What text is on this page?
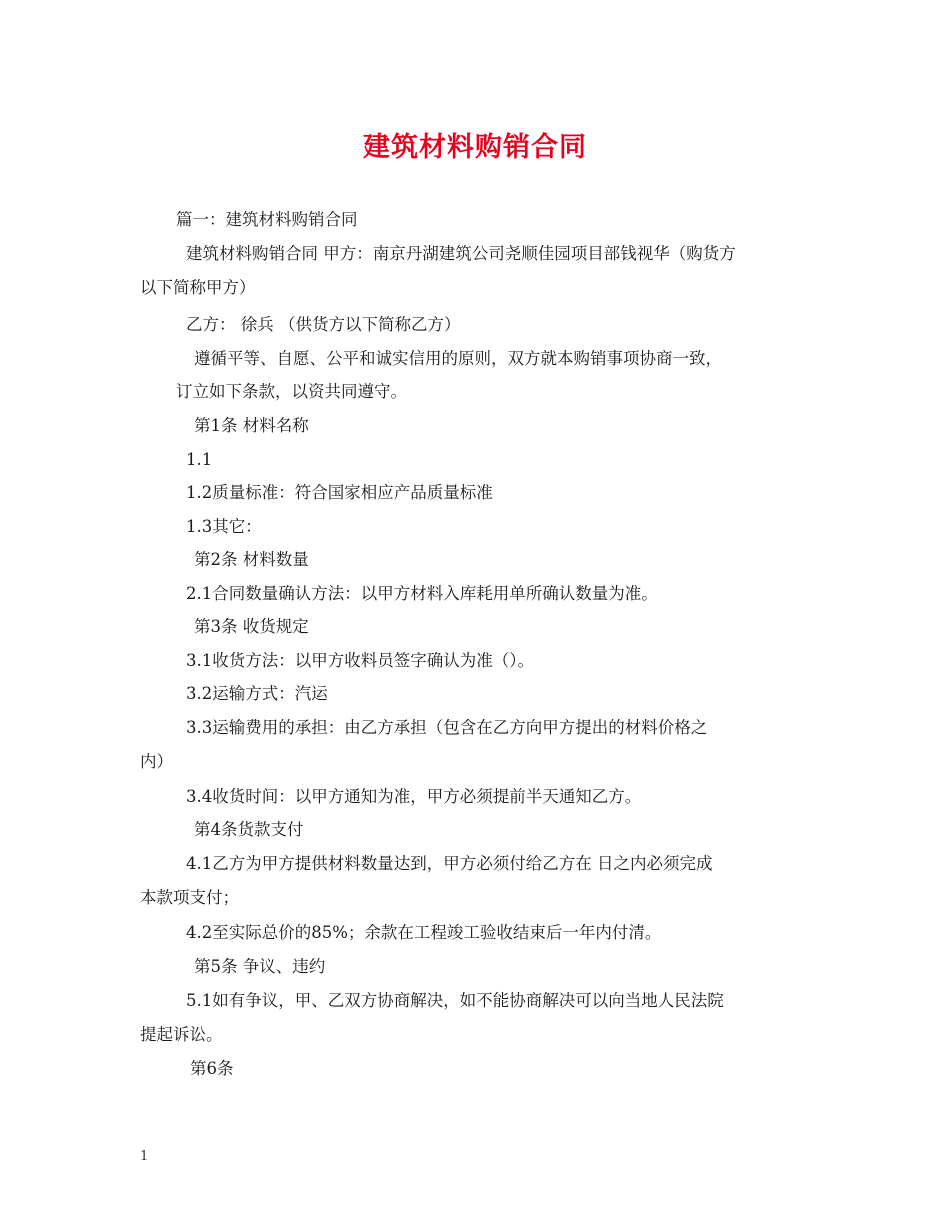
建筑材料购销合同
篇一：建筑材料购销合同
建筑材料购销合同 甲方：南京丹湖建筑公司尧顺佳园项目部钱视华（购货方
以下简称甲方）
乙方： 徐兵 （供货方以下简称乙方）
遵循平等、自愿、公平和诚实信用的原则，双方就本购销事项协商一致，
订立如下条款，以资共同遵守。
第1条 材料名称
1.1
1.2质量标准：符合国家相应产品质量标准
1.3其它：
第2条 材料数量
2.1合同数量确认方法：以甲方材料入库耗用单所确认数量为准。
第3条 收货规定
3.1收货方法：以甲方收料员签字确认为准（）。
3.2运输方式：汽运
3.3运输费用的承担：由乙方承担（包含在乙方向甲方提出的材料价格之
内）
3.4收货时间：以甲方通知为准，甲方必须提前半天通知乙方。
第4条货款支付
4.1乙方为甲方提供材料数量达到，甲方必须付给乙方在 日之内必须完成
本款项支付；
4.2至实际总价的85%；余款在工程竣工验收结束后一年内付清。
第5条 争议、违约
5.1如有争议，甲、乙双方协商解决，如不能协商解决可以向当地人民法院
提起诉讼。
第6条
1
